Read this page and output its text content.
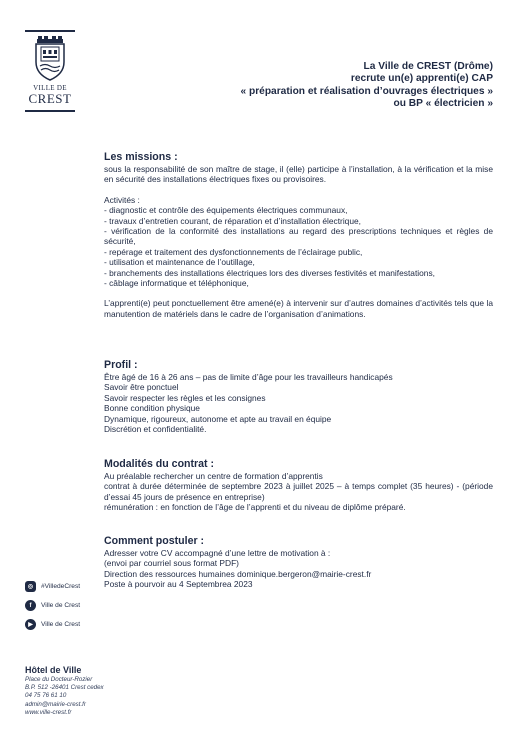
VILLE DE
CREST
La Ville de CREST (Drôme)
recrute un(e) apprenti(e) CAP
« préparation et réalisation d’ouvrages électriques »
ou BP « électricien »

Les missions :

sous la responsabilité de son maître de stage, il (elle) participe à l’installation, à la vérification et la mise en sécurité des installations électriques fixes ou provisoires.

Activités :

- diagnostic et contrôle des équipements électriques communaux,

- travaux d’entretien courant, de réparation et d’installation électrique,

- vérification de la conformité des installations au regard des prescriptions techniques et règles de sécurité,

- repérage et traitement des dysfonctionnements de l’éclairage public,

- utilisation et maintenance de l’outillage,

- branchements des installations électriques lors des diverses festivités et manifestations,

- câblage informatique et téléphonique,

L’apprenti(e) peut ponctuellement être amené(e) à intervenir sur d’autres domaines d’activités tels que la manutention de matériels dans le cadre de l’organisation d’animations.

Profil :

Être âgé de 16 à 26 ans – pas de limite d’âge pour les travailleurs handicapés

Savoir être ponctuel

Savoir respecter les règles et les consignes

Bonne condition physique

Dynamique, rigoureux, autonome et apte au travail en équipe

Discrétion et confidentialité.

Modalités du contrat :

Au préalable rechercher un centre de formation d’apprentis

contrat à durée déterminée de septembre 2023 à juillet 2025 – à temps complet (35 heures) - (période d’essai 45 jours de présence en entreprise)

rémunération : en fonction de l’âge de l’apprenti et du niveau de diplôme préparé.

Comment postuler :

Adresser votre CV accompagné d’une lettre de motivation à :

(envoi par courriel sous format PDF)

Direction des ressources humaines dominique.bergeron@mairie-crest.fr

Poste à pourvoir au 4 Septembrea 2023

◎	#VilledeCrest
f	Ville de Crest
▶	Ville de Crest
Hôtel de Ville
Place du Docteur-Rozier
B.P. 512 -26401 Crest cedex
04 75 76 61 10
admin@mairie-crest.fr
www.ville-crest.fr
